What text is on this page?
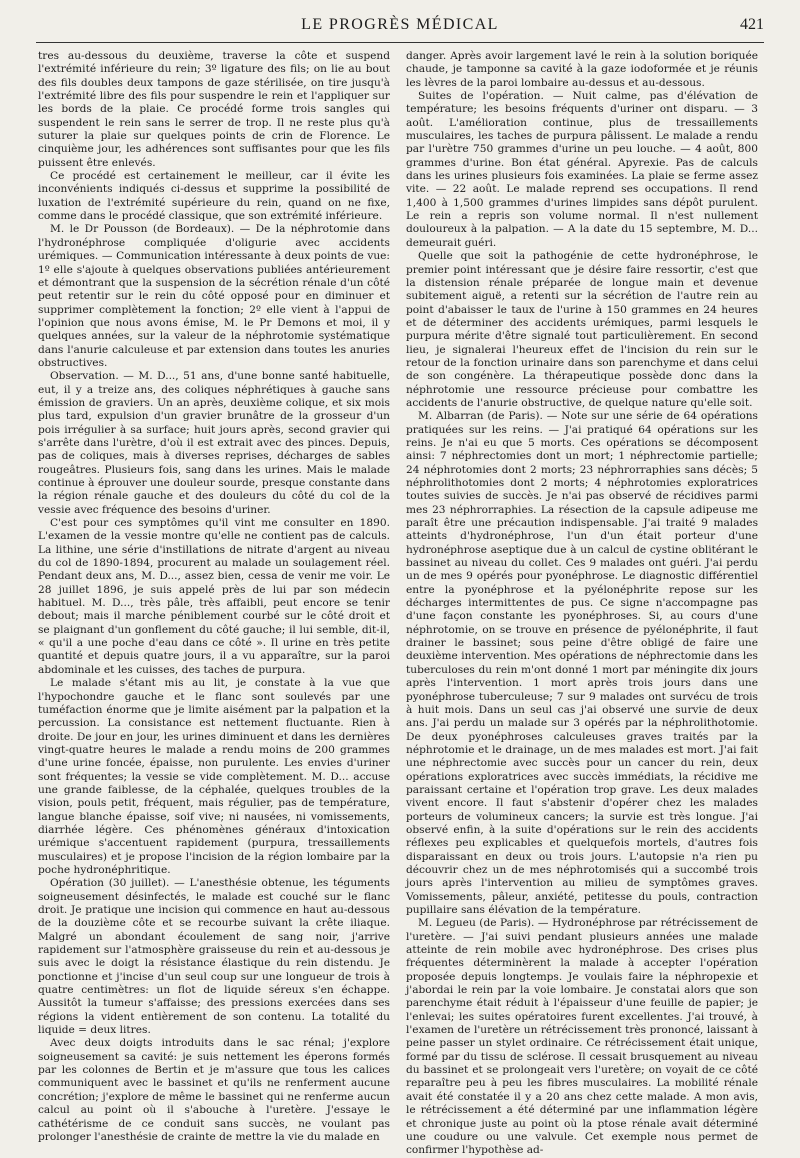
LE PROGRÈS MÉDICAL	421

tres au-dessous du deuxième, traverse la côte et suspend l'extrémité inférieure du rein; 3º ligature des fils; on lie au bout des fils doubles deux tampons de gaze stérilisée, on tire jusqu'à l'extrémité libre des fils pour suspendre le rein et l'appliquer sur les bords de la plaie. Ce procédé forme trois sangles qui suspendent le rein sans le serrer de trop. Il ne reste plus qu'à suturer la plaie sur quelques points de crin de Florence. Le cinquième jour, les adhérences sont suffisantes pour que les fils puissent être enlevés.

Ce procédé est certainement le meilleur, car il évite les inconvénients indiqués ci-dessus et supprime la possibilité de luxation de l'extrémité supérieure du rein, quand on ne fixe, comme dans le procédé classique, que son extrémité inférieure.

M. le Dr Pousson (de Bordeaux). — De la néphrotomie dans l'hydronéphrose compliquée d'oligurie avec accidents urémiques. — Communication intéressante à deux points de vue: 1º elle s'ajoute à quelques observations publiées antérieurement et démontrant que la suspension de la sécrétion rénale d'un côté peut retentir sur le rein du côté opposé pour en diminuer et supprimer complètement la fonction; 2º elle vient à l'appui de l'opinion que nous avons émise, M. le Pr Demons et moi, il y quelques années, sur la valeur de la néphrotomie systématique dans l'anurie calculeuse et par extension dans toutes les anuries obstructives.

Observation. — M. D..., 51 ans, d'une bonne santé habituelle, eut, il y a treize ans, des coliques néphrétiques à gauche sans émission de graviers. Un an après, deuxième colique, et six mois plus tard, expulsion d'un gravier brunâtre de la grosseur d'un pois irrégulier à sa surface; huit jours après, second gravier qui s'arrête dans l'urètre, d'où il est extrait avec des pinces. Depuis, pas de coliques, mais à diverses reprises, décharges de sables rougeâtres. Plusieurs fois, sang dans les urines. Mais le malade continue à éprouver une douleur sourde, presque constante dans la région rénale gauche et des douleurs du côté du col de la vessie avec fréquence des besoins d'uriner.

C'est pour ces symptômes qu'il vint me consulter en 1890. L'examen de la vessie montre qu'elle ne contient pas de calculs. La lithine, une série d'instillations de nitrate d'argent au niveau du col de 1890-1894, procurent au malade un soulagement réel. Pendant deux ans, M. D..., assez bien, cessa de venir me voir. Le 28 juillet 1896, je suis appelé près de lui par son médecin habituel. M. D..., très pâle, très affaibli, peut encore se tenir debout; mais il marche péniblement courbé sur le côté droit et se plaignant d'un gonflement du côté gauche; il lui semble, dit-il, « qu'il a une poche d'eau dans ce côté ». Il urine en très petite quantité et depuis quatre jours, il a vu apparaître, sur la paroi abdominale et les cuisses, des taches de purpura.

Le malade s'étant mis au lit, je constate à la vue que l'hypochondre gauche et le flanc sont soulevés par une tuméfaction énorme que je limite aisément par la palpation et la percussion. La consistance est nettement fluctuante. Rien à droite. De jour en jour, les urines diminuent et dans les dernières vingt-quatre heures le malade a rendu moins de 200 grammes d'une urine foncée, épaisse, non purulente. Les envies d'uriner sont fréquentes; la vessie se vide complètement. M. D... accuse une grande faiblesse, de la céphalée, quelques troubles de la vision, pouls petit, fréquent, mais régulier, pas de température, langue blanche épaisse, soif vive; ni nausées, ni vomissements, diarrhée légère. Ces phénomènes généraux d'intoxication urémique s'accentuent rapidement (purpura, tressaillements musculaires) et je propose l'incision de la région lombaire par la poche hydronéphritique.

Opération (30 juillet). — L'anesthésie obtenue, les téguments soigneusement désinfectés, le malade est couché sur le flanc droit. Je pratique une incision qui commence en haut au-dessous de la douzième côte et se recourbe suivant la crête iliaque. Malgré un abondant écoulement de sang noir, j'arrive rapidement sur l'atmosphère graisseuse du rein et au-dessous je suis avec le doigt la résistance élastique du rein distendu. Je ponctionne et j'incise d'un seul coup sur une longueur de trois à quatre centimètres: un flot de liquide séreux s'en échappe. Aussitôt la tumeur s'affaisse; des pressions exercées dans ses régions la vident entièrement de son contenu. La totalité du liquide = deux litres.

Avec deux doigts introduits dans le sac rénal; j'explore soigneusement sa cavité: je suis nettement les éperons formés par les colonnes de Bertin et je m'assure que tous les calices communiquent avec le bassinet et qu'ils ne renferment aucune concrétion; j'explore de même le bassinet qui ne renferme aucun calcul au point où il s'abouche à l'uretère. J'essaye le cathétérisme de ce conduit sans succès, ne voulant pas prolonger l'anesthésie de crainte de mettre la vie du malade en

danger. Après avoir largement lavé le rein à la solution boriquée chaude, je tamponne sa cavité à la gaze iodoformée et je réunis les lèvres de la paroi lombaire au-dessus et au-dessous.

Suites de l'opération. — Nuit calme, pas d'élévation de température; les besoins fréquents d'uriner ont disparu. — 3 août. L'amélioration continue, plus de tressaillements musculaires, les taches de purpura pâlissent. Le malade a rendu par l'urètre 750 grammes d'urine un peu louche. — 4 août, 800 grammes d'urine. Bon état général. Apyrexie. Pas de calculs dans les urines plusieurs fois examinées. La plaie se ferme assez vite. — 22 août. Le malade reprend ses occupations. Il rend 1,400 à 1,500 grammes d'urines limpides sans dépôt purulent. Le rein a repris son volume normal. Il n'est nullement douloureux à la palpation. — A la date du 15 septembre, M. D... demeurait guéri.

Quelle que soit la pathogénie de cette hydronéphrose, le premier point intéressant que je désire faire ressortir, c'est que la distension rénale préparée de longue main et devenue subitement aiguë, a retenti sur la sécrétion de l'autre rein au point d'abaisser le taux de l'urine à 150 grammes en 24 heures et de déterminer des accidents urémiques, parmi lesquels le purpura mérite d'être signalé tout particulièrement. En second lieu, je signalerai l'heureux effet de l'incision du rein sur le retour de la fonction urinaire dans son parenchyme et dans celui de son congénère. La thérapeutique possède donc dans la néphrotomie une ressource précieuse pour combattre les accidents de l'anurie obstructive, de quelque nature qu'elle soit.

M. Albarran (de Paris). — Note sur une série de 64 opérations pratiquées sur les reins. — J'ai pratiqué 64 opérations sur les reins. Je n'ai eu que 5 morts. Ces opérations se décomposent ainsi: 7 néphrectomies dont un mort; 1 néphrectomie partielle; 24 néphrotomies dont 2 morts; 23 néphrorraphies sans décès; 5 néphrolithotomies dont 2 morts; 4 néphrotomies exploratrices toutes suivies de succès. Je n'ai pas observé de récidives parmi mes 23 néphrorraphies. La résection de la capsule adipeuse me paraît être une précaution indispensable. J'ai traité 9 malades atteints d'hydronéphrose, l'un d'un était porteur d'une hydronéphrose aseptique due à un calcul de cystine oblitérant le bassinet au niveau du collet. Ces 9 malades ont guéri. J'ai perdu un de mes 9 opérés pour pyonéphrose. Le diagnostic différentiel entre la pyonéphrose et la pyélonéphrite repose sur les décharges intermittentes de pus. Ce signe n'accompagne pas d'une façon constante les pyonéphroses. Si, au cours d'une néphrotomie, on se trouve en présence de pyélonéphrite, il faut drainer le bassinet; sous peine d'être obligé de faire une deuxième intervention. Mes opérations de néphrectomie dans les tuberculoses du rein m'ont donné 1 mort par méningite dix jours après l'intervention. 1 mort après trois jours dans une pyonéphrose tuberculeuse; 7 sur 9 malades ont survécu de trois à huit mois. Dans un seul cas j'ai observé une survie de deux ans. J'ai perdu un malade sur 3 opérés par la néphrolithotomie. De deux pyonéphroses calculeuses graves traités par la néphrotomie et le drainage, un de mes malades est mort. J'ai fait une néphrectomie avec succès pour un cancer du rein, deux opérations exploratrices avec succès immédiats, la récidive me paraissant certaine et l'opération trop grave. Les deux malades vivent encore. Il faut s'abstenir d'opérer chez les malades porteurs de volumineux cancers; la survie est très longue. J'ai observé enfin, à la suite d'opérations sur le rein des accidents réflexes peu explicables et quelquefois mortels, d'autres fois disparaissant en deux ou trois jours. L'autopsie n'a rien pu découvrir chez un de mes néphrotomisés qui a succombé trois jours après l'intervention au milieu de symptômes graves. Vomissements, pâleur, anxiété, petitesse du pouls, contraction pupillaire sans élévation de la température.

M. Legueu (de Paris). — Hydronéphrose par rétrécissement de l'uretère. — J'ai suivi pendant plusieurs années une malade atteinte de rein mobile avec hydronéphrose. Des crises plus fréquentes déterminèrent la malade à accepter l'opération proposée depuis longtemps. Je voulais faire la néphropexie et j'abordai le rein par la voie lombaire. Je constatai alors que son parenchyme était réduit à l'épaisseur d'une feuille de papier; je l'enlevai; les suites opératoires furent excellentes. J'ai trouvé, à l'examen de l'uretère un rétrécissement très prononcé, laissant à peine passer un stylet ordinaire. Ce rétrécissement était unique, formé par du tissu de sclérose. Il cessait brusquement au niveau du bassinet et se prolongeait vers l'uretère; on voyait de ce côté reparaître peu à peu les fibres musculaires. La mobilité rénale avait été constatée il y a 20 ans chez cette malade. A mon avis, le rétrécissement a été déterminé par une inflammation légère et chronique juste au point où la ptose rénale avait déterminé une coudure ou une valvule. Cet exemple nous permet de confirmer l'hypothèse ad-
